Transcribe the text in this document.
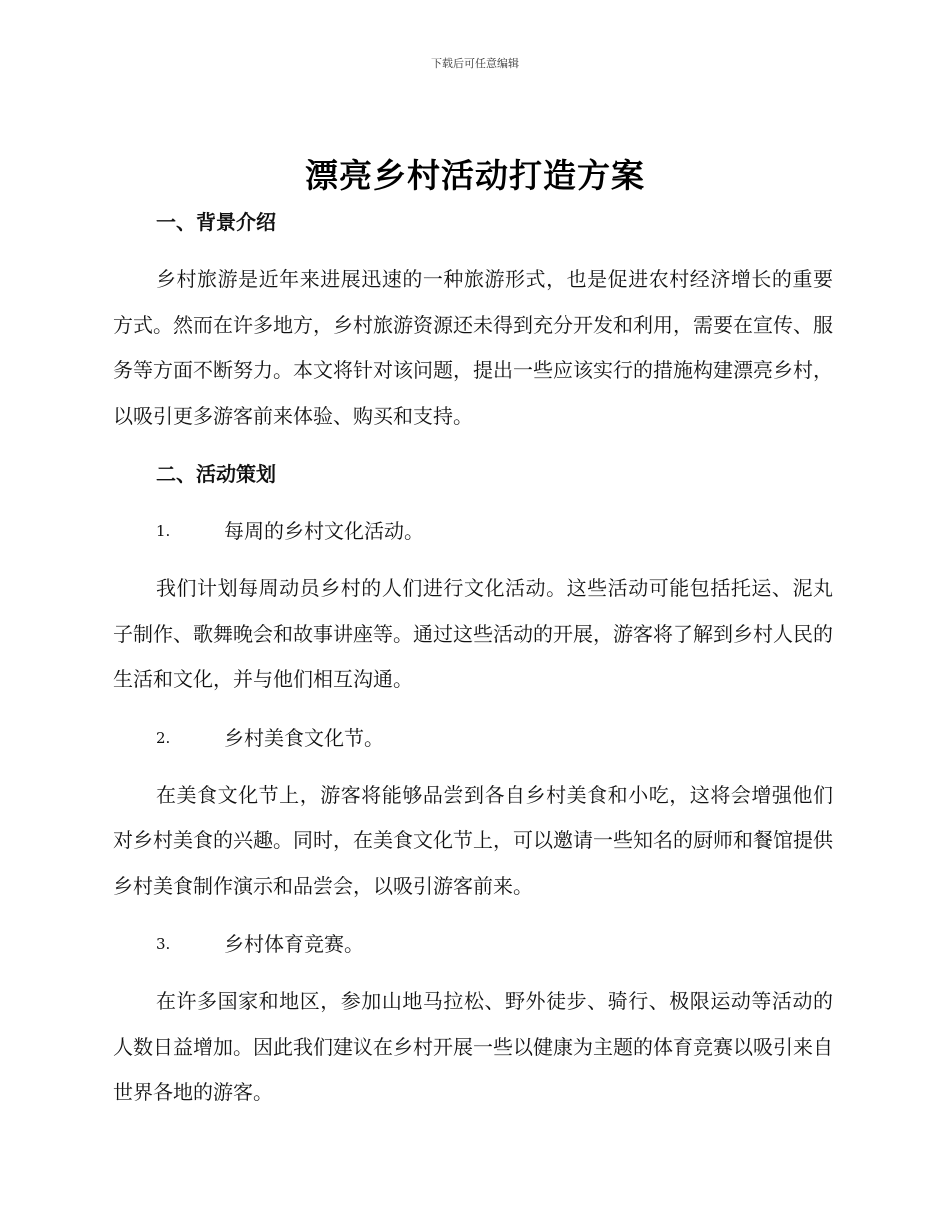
下载后可任意编辑
漂亮乡村活动打造方案

一、背景介绍

乡村旅游是近年来进展迅速的一种旅游形式，也是促进农村经济增长的重要方式。然而在许多地方，乡村旅游资源还未得到充分开发和利用，需要在宣传、服务等方面不断努力。本文将针对该问题，提出一些应该实行的措施构建漂亮乡村，以吸引更多游客前来体验、购买和支持。

二、活动策划

1.	每周的乡村文化活动。

我们计划每周动员乡村的人们进行文化活动。这些活动可能包括托运、泥丸子制作、歌舞晚会和故事讲座等。通过这些活动的开展，游客将了解到乡村人民的生活和文化，并与他们相互沟通。

2.	乡村美食文化节。

在美食文化节上，游客将能够品尝到各自乡村美食和小吃，这将会增强他们对乡村美食的兴趣。同时，在美食文化节上，可以邀请一些知名的厨师和餐馆提供乡村美食制作演示和品尝会，以吸引游客前来。

3.	乡村体育竞赛。

在许多国家和地区，参加山地马拉松、野外徒步、骑行、极限运动等活动的人数日益增加。因此我们建议在乡村开展一些以健康为主题的体育竞赛以吸引来自世界各地的游客。
